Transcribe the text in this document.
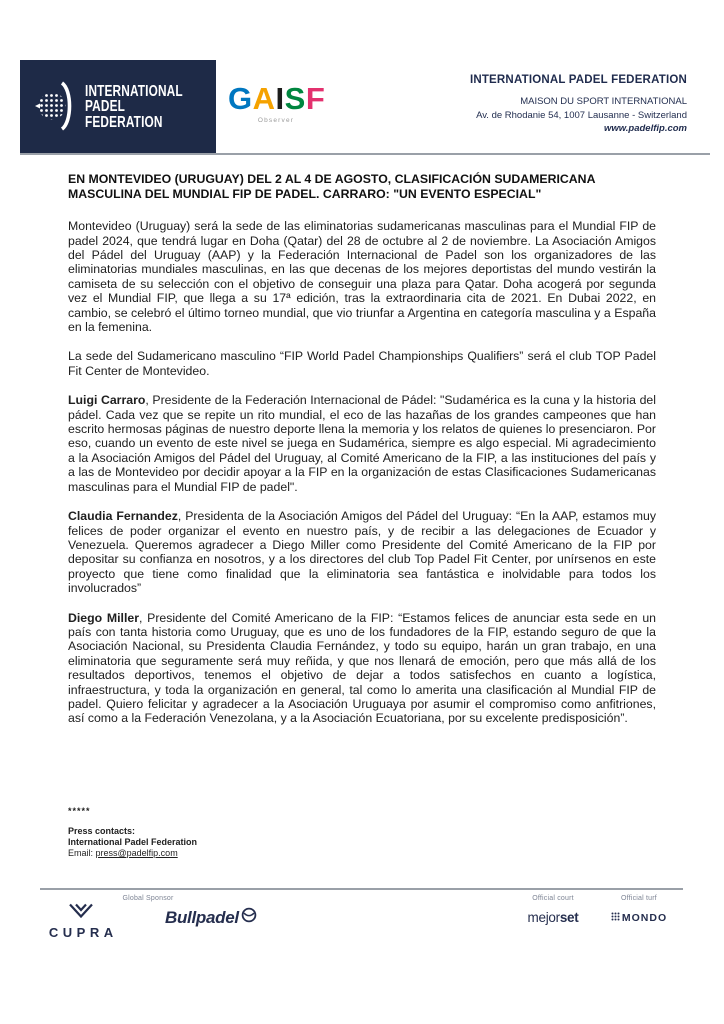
INTERNATIONAL
PADEL
FEDERATION
GAISF
Observer
INTERNATIONAL PADEL FEDERATION
MAISON DU SPORT INTERNATIONAL
Av. de Rhodanie 54, 1007 Lausanne - Switzerland
www.padelfip.com
EN MONTEVIDEO (URUGUAY) DEL 2 AL 4 DE AGOSTO, CLASIFICACIÓN SUDAMERICANA MASCULINA DEL MUNDIAL FIP DE PADEL. CARRARO: "UN EVENTO ESPECIAL"

Montevideo (Uruguay) será la sede de las eliminatorias sudamericanas masculinas para el Mundial FIP de padel 2024, que tendrá lugar en Doha (Qatar) del 28 de octubre al 2 de noviembre. La Asociación Amigos del Pádel del Uruguay (AAP) y la Federación Internacional de Padel son los organizadores de las eliminatorias mundiales masculinas, en las que decenas de los mejores deportistas del mundo vestirán la camiseta de su selección con el objetivo de conseguir una plaza para Qatar. Doha acogerá por segunda vez el Mundial FIP, que llega a su 17ª edición, tras la extraordinaria cita de 2021. En Dubai 2022, en cambio, se celebró el último torneo mundial, que vio triunfar a Argentina en categoría masculina y a España en la femenina.

La sede del Sudamericano masculino “FIP World Padel Championships Qualifiers” será el club TOP Padel Fit Center de Montevideo.

Luigi Carraro, Presidente de la Federación Internacional de Pádel: "Sudamérica es la cuna y la historia del pádel. Cada vez que se repite un rito mundial, el eco de las hazañas de los grandes campeones que han escrito hermosas páginas de nuestro deporte llena la memoria y los relatos de quienes lo presenciaron. Por eso, cuando un evento de este nivel se juega en Sudamérica, siempre es algo especial. Mi agradecimiento a la Asociación Amigos del Pádel del Uruguay, al Comité Americano de la FIP, a las instituciones del país y a las de Montevideo por decidir apoyar a la FIP en la organización de estas Clasificaciones Sudamericanas masculinas para el Mundial FIP de padel".

Claudia Fernandez, Presidenta de la Asociación Amigos del Pádel del Uruguay: “En la AAP, estamos muy felices de poder organizar el evento en nuestro país, y de recibir a las delegaciones de Ecuador y Venezuela. Queremos agradecer a Diego Miller como Presidente del Comité Americano de la FIP por depositar su confianza en nosotros, y a los directores del club Top Padel Fit Center, por unírsenos en este proyecto que tiene como finalidad que la eliminatoria sea fantástica e inolvidable para todos los involucrados”

Diego Miller, Presidente del Comité Americano de la FIP: “Estamos felices de anunciar esta sede en un país con tanta historia como Uruguay, que es uno de los fundadores de la FIP, estando seguro de que la Asociación Nacional, su Presidenta Claudia Fernández, y todo su equipo, harán un gran trabajo, en una eliminatoria que seguramente será muy reñida, y que nos llenará de emoción, pero que más allá de los resultados deportivos, tenemos el objetivo de dejar a todos satisfechos en cuanto a logística, infraestructura, y toda la organización en general, tal como lo amerita una clasificación al Mundial FIP de padel. Quiero felicitar y agradecer a la Asociación Uruguaya por asumir el compromiso como anfitriones, así como a la Federación Venezolana, y a la Asociación Ecuatoriana, por su excelente predisposición”.

*****
Press contacts:
International Padel Federation
Email: press@padelfip.com
Global Sponsor
CUPRA
Bullpadel
Official court
mejorset
Official turf
MONDO
